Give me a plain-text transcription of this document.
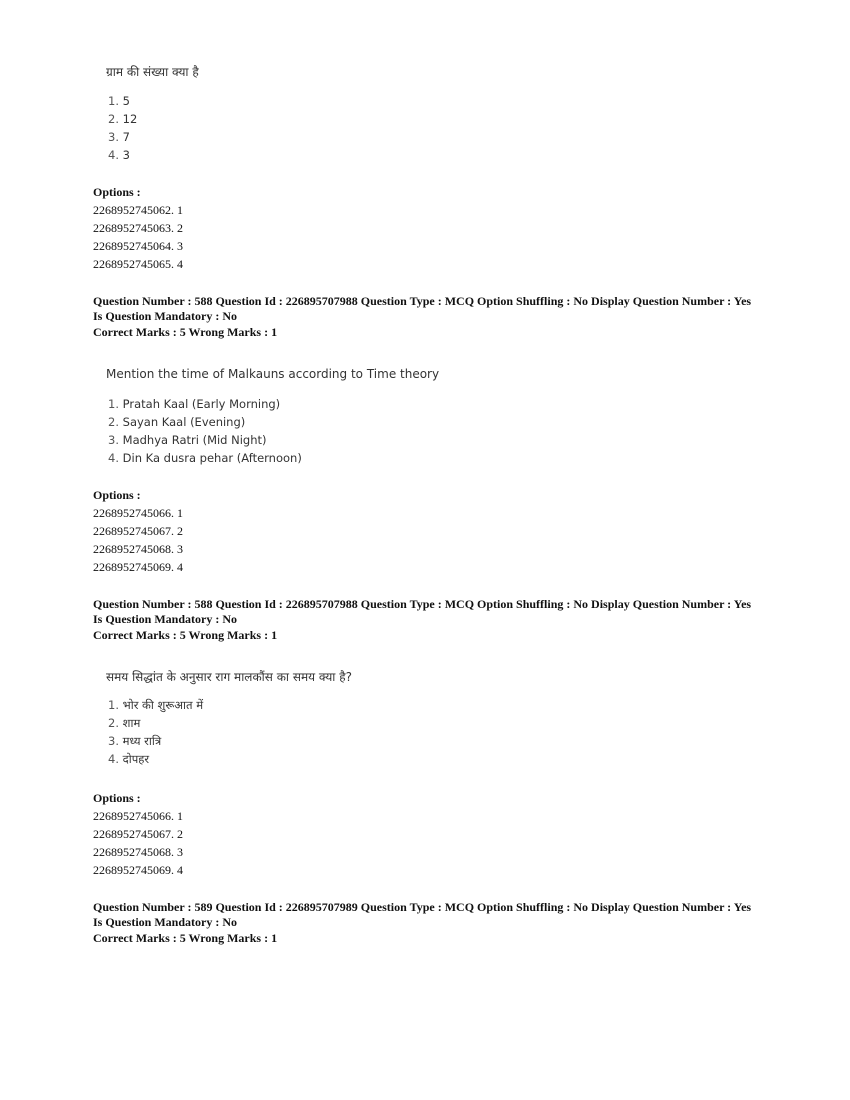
ग्राम की संख्या क्या है
1. 5
2. 12
3. 7
4. 3
Options :
2268952745062. 1
2268952745063. 2
2268952745064. 3
2268952745065. 4
Question Number : 588 Question Id : 226895707988 Question Type : MCQ Option Shuffling : No Display Question Number : Yes Is Question Mandatory : No
Correct Marks : 5 Wrong Marks : 1
Mention the time of Malkauns according to Time theory
1. Pratah Kaal (Early Morning)
2. Sayan Kaal (Evening)
3. Madhya Ratri (Mid Night)
4. Din Ka dusra pehar (Afternoon)
Options :
2268952745066. 1
2268952745067. 2
2268952745068. 3
2268952745069. 4
Question Number : 588 Question Id : 226895707988 Question Type : MCQ Option Shuffling : No Display Question Number : Yes Is Question Mandatory : No
Correct Marks : 5 Wrong Marks : 1
समय सिद्धांत के अनुसार राग मालकौंस का समय क्या है?
1. भोर की शुरूआत में
2. शाम
3. मध्य रात्रि
4. दोपहर
Options :
2268952745066. 1
2268952745067. 2
2268952745068. 3
2268952745069. 4
Question Number : 589 Question Id : 226895707989 Question Type : MCQ Option Shuffling : No Display Question Number : Yes Is Question Mandatory : No
Correct Marks : 5 Wrong Marks : 1
